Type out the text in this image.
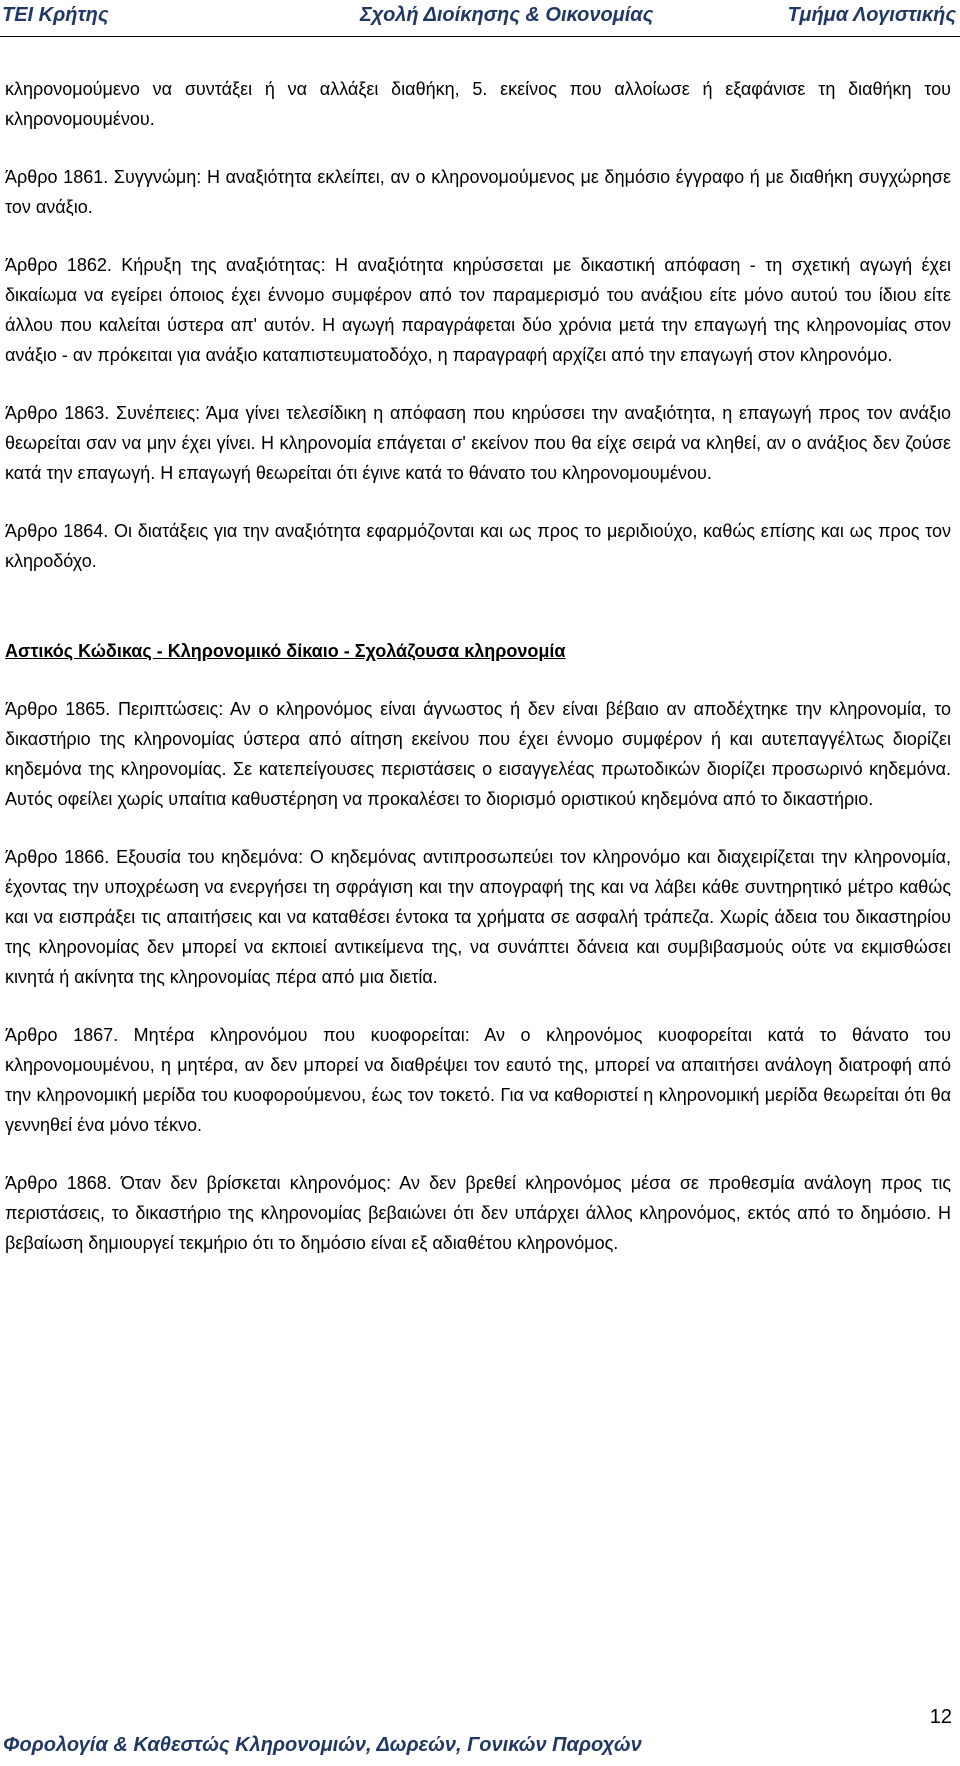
ΤΕΙ Κρήτης	Σχολή Διοίκησης & Οικονομίας	Τμήμα Λογιστικής

κληρονομούμενο να συντάξει ή να αλλάξει διαθήκη, 5. εκείνος που αλλοίωσε ή εξαφάνισε τη διαθήκη του κληρονομουμένου.

Άρθρο 1861. Συγγνώμη: Η αναξιότητα εκλείπει, αν ο κληρονομούμενος με δημόσιο έγγραφο ή με διαθήκη συγχώρησε τον ανάξιο.

Άρθρο 1862. Κήρυξη της αναξιότητας: Η αναξιότητα κηρύσσεται με δικαστική απόφαση - τη σχετική αγωγή έχει δικαίωμα να εγείρει όποιος έχει έννομο συμφέρον από τον παραμερισμό του ανάξιου είτε μόνο αυτού του ίδιου είτε άλλου που καλείται ύστερα απ' αυτόν. Η αγωγή παραγράφεται δύο χρόνια μετά την επαγωγή της κληρονομίας στον ανάξιο - αν πρόκειται για ανάξιο καταπιστευματοδόχο, η παραγραφή αρχίζει από την επαγωγή στον κληρονόμο.

Άρθρο 1863. Συνέπειες: Άμα γίνει τελεσίδικη η απόφαση που κηρύσσει την αναξιότητα, η επαγωγή προς τον ανάξιο θεωρείται σαν να μην έχει γίνει. Η κληρονομία επάγεται σ' εκείνον που θα είχε σειρά να κληθεί, αν ο ανάξιος δεν ζούσε κατά την επαγωγή. Η επαγωγή θεωρείται ότι έγινε κατά το θάνατο του κληρονομουμένου.

Άρθρο 1864. Οι διατάξεις για την αναξιότητα εφαρμόζονται και ως προς το μεριδιούχο, καθώς επίσης και ως προς τον κληροδόχο.

Αστικός Κώδικας - Κληρονομικό δίκαιο - Σχολάζουσα κληρονομία

Άρθρο 1865. Περιπτώσεις: Αν ο κληρονόμος είναι άγνωστος ή δεν είναι βέβαιο αν αποδέχτηκε την κληρονομία, το δικαστήριο της κληρονομίας ύστερα από αίτηση εκείνου που έχει έννομο συμφέρον ή και αυτεπαγγέλτως διορίζει κηδεμόνα της κληρονομίας. Σε κατεπείγουσες περιστάσεις ο εισαγγελέας πρωτοδικών διορίζει προσωρινό κηδεμόνα. Αυτός οφείλει χωρίς υπαίτια καθυστέρηση να προκαλέσει το διορισμό οριστικού κηδεμόνα από το δικαστήριο.

Άρθρο 1866. Εξουσία του κηδεμόνα: Ο κηδεμόνας αντιπροσωπεύει τον κληρονόμο και διαχειρίζεται την κληρονομία, έχοντας την υποχρέωση να ενεργήσει τη σφράγιση και την απογραφή της και να λάβει κάθε συντηρητικό μέτρο καθώς και να εισπράξει τις απαιτήσεις και να καταθέσει έντοκα τα χρήματα σε ασφαλή τράπεζα. Χωρίς άδεια του δικαστηρίου της κληρονομίας δεν μπορεί να εκποιεί αντικείμενα της, να συνάπτει δάνεια και συμβιβασμούς ούτε να εκμισθώσει κινητά ή ακίνητα της κληρονομίας πέρα από μια διετία.

Άρθρο 1867. Μητέρα κληρονόμου που κυοφορείται: Αν ο κληρονόμος κυοφορείται κατά το θάνατο του κληρονομουμένου, η μητέρα, αν δεν μπορεί να διαθρέψει τον εαυτό της, μπορεί να απαιτήσει ανάλογη διατροφή από την κληρονομική μερίδα του κυοφορούμενου, έως τον τοκετό. Για να καθοριστεί η κληρονομική μερίδα θεωρείται ότι θα γεννηθεί ένα μόνο τέκνο.

Άρθρο 1868. Όταν δεν βρίσκεται κληρονόμος: Αν δεν βρεθεί κληρονόμος μέσα σε προθεσμία ανάλογη προς τις περιστάσεις, το δικαστήριο της κληρονομίας βεβαιώνει ότι δεν υπάρχει άλλος κληρονόμος, εκτός από το δημόσιο. Η βεβαίωση δημιουργεί τεκμήριο ότι το δημόσιο είναι εξ αδιαθέτου κληρονόμος.

12
Φορολογία & Καθεστώς Κληρονομιών, Δωρεών, Γονικών Παροχών
